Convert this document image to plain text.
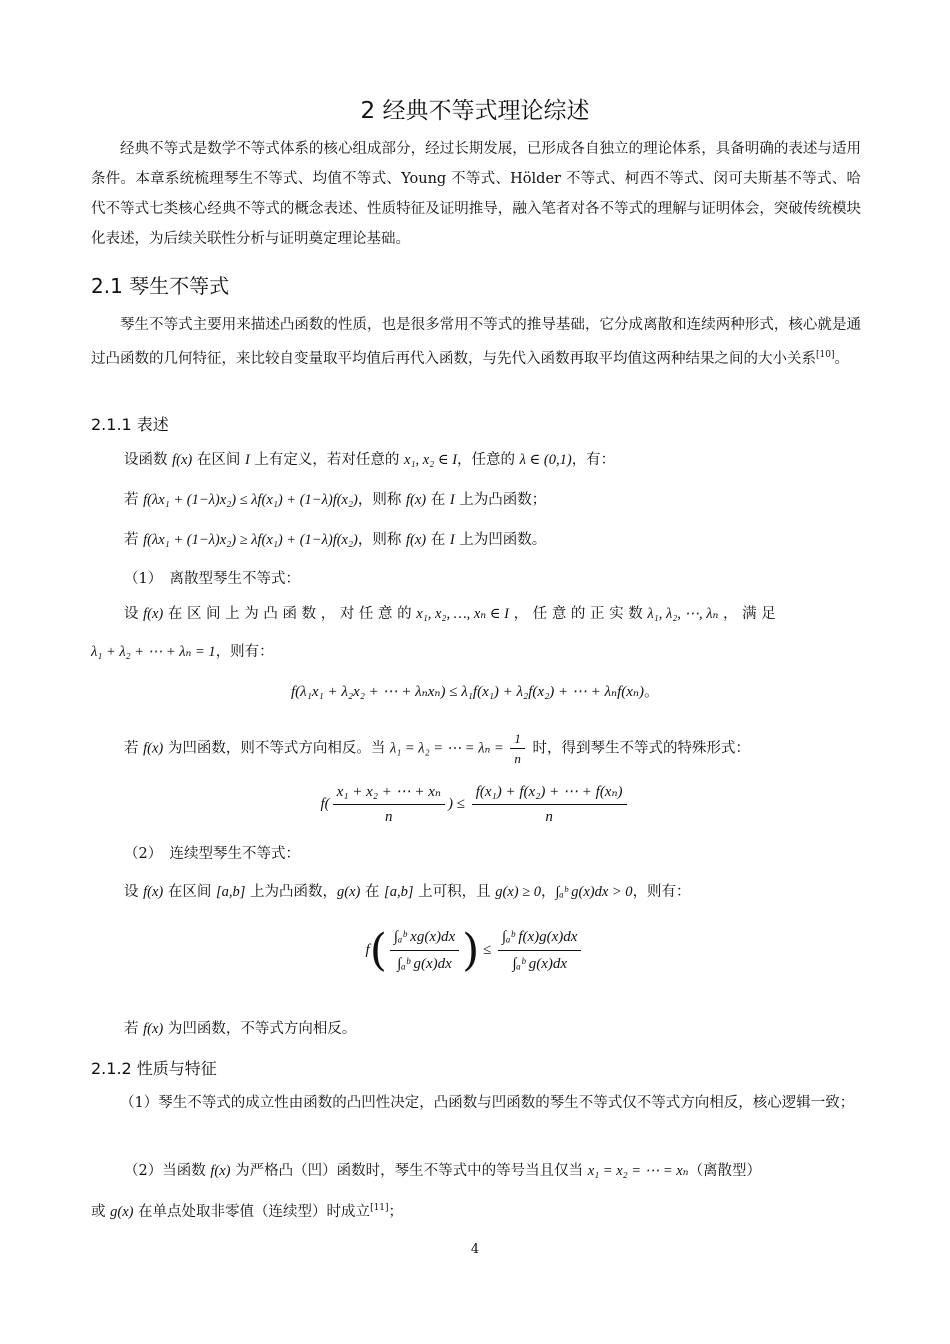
2 经典不等式理论综述
经典不等式是数学不等式体系的核心组成部分，经过长期发展，已形成各自独立的理论体系，具备明确的表述与适用条件。本章系统梳理琴生不等式、均值不等式、Young 不等式、Hölder 不等式、柯西不等式、闵可夫斯基不等式、哈代不等式七类核心经典不等式的概念表述、性质特征及证明推导，融入笔者对各不等式的理解与证明体会，突破传统模块化表述，为后续关联性分析与证明奠定理论基础。
2.1 琴生不等式
琴生不等式主要用来描述凸函数的性质，也是很多常用不等式的推导基础，它分成离散和连续两种形式，核心就是通过凸函数的几何特征，来比较自变量取平均值后再代入函数，与先代入函数再取平均值这两种结果之间的大小关系[10]。
2.1.1 表述
设函数 f(x) 在区间 I 上有定义，若对任意的 x₁, x₂ ∈ I，任意的 λ ∈ (0,1)，有：
若 f(λx₁ + (1−λ)x₂) ≤ λf(x₁) + (1−λ)f(x₂)，则称 f(x) 在 I 上为凸函数；
若 f(λx₁ + (1−λ)x₂) ≥ λf(x₁) + (1−λ)f(x₂)，则称 f(x) 在 I 上为凹函数。
（1）　离散型琴生不等式：
设 f(x) 在 区 间 上 为 凸 函 数 ， 对 任 意 的 x₁, x₂, …, xₙ ∈ I ， 任 意 的 正 实 数 λ₁, λ₂, ⋯, λₙ ， 满 足
λ₁ + λ₂ + ⋯ + λₙ = 1，则有：
f(λ₁x₁ + λ₂x₂ + ⋯ + λₙxₙ) ≤ λ₁f(x₁) + λ₂f(x₂) + ⋯ + λₙf(xₙ)。
若 f(x) 为凹函数，则不等式方向相反。当 λ₁ = λ₂ = ⋯ = $\lambda_n = \frac{1}{n}$ 时，得到琴生不等式的特殊形式：
$f( \frac{\text{x₁ + x₂ + ⋯ + xₙ}}{n}$ ) ≤ $\frac{\text{f(x₁) + f(x₂) + ⋯ + f(xₙ)}}{n}$
（2）　连续型琴生不等式：
设 f(x) 在区间 [a,b] 上为凸函数，g(x) 在 [a,b] 上可积，且 g(x) ≥ 0，∫ₐᵇ g(x)dx > 0，则有：
$f( \frac{\text{∫ₐᵇ xg(x)dx}}{\text{∫ₐᵇ g(x)dx}}$ ) ≤ $\frac{\text{∫ₐᵇ f(x)g(x)dx}}{\text{∫ₐᵇ g(x)dx}}$
若 f(x) 为凹函数，不等式方向相反。
2.1.2 性质与特征
（1）琴生不等式的成立性由函数的凸凹性决定，凸函数与凹函数的琴生不等式仅不等式方向相反，核心逻辑一致；
（2）当函数 f(x) 为严格凸（凹）函数时，琴生不等式中的等号当且仅当 x₁ = x₂ = ⋯ = xₙ（离散型）
或 g(x) 在单点处取非零值（连续型）时成立[11]；
4
